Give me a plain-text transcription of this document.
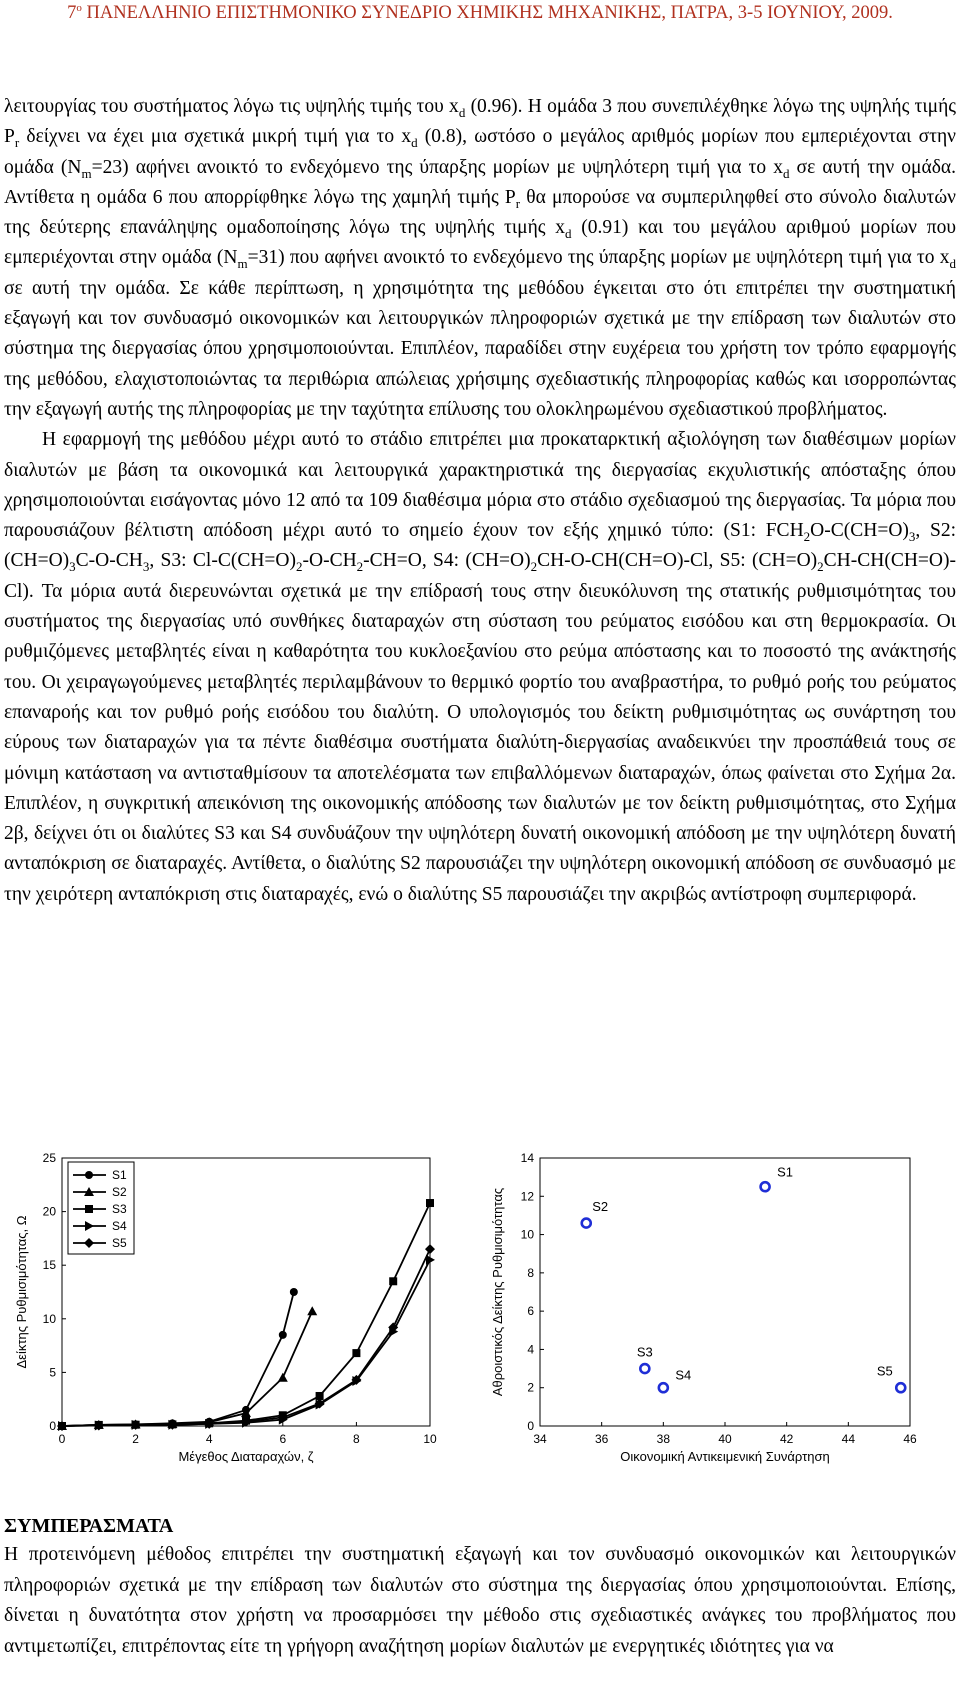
$7^o$ ΠΑΝΕΛΛΗΝΙΟ ΕΠΙΣΤΗΜΟΝΙΚΟ ΣΥΝΕΔΡΙΟ ΧΗΜΙΚΗΣ ΜΗΧΑΝΙΚΗΣ, ΠΑΤΡΑ, 3-5 ΙΟΥΝΙΟΥ, 2009.

λειτουργίας του συστήματος λόγω τις υψηλής τιμής του $x_d$ (0.96). Η ομάδα 3 που συνεπιλέχθηκε λόγω της υψηλής τιμής $P_r$ δείχνει να έχει μια σχετικά μικρή τιμή για το $x_d$ (0.8), ωστόσο ο μεγάλος αριθμός μορίων που εμπεριέχονται στην ομάδα $(N_m=23)$ αφήνει ανοικτό το ενδεχόμενο της ύπαρξης μορίων με υψηλότερη τιμή για το $x_d$ σε αυτή την ομάδα. Αντίθετα η ομάδα 6 που απορρίφθηκε λόγω της χαμηλή τιμής $P_r$ θα μπορούσε να συμπεριληφθεί στο σύνολο διαλυτών της δεύτερης επανάληψης ομαδοποίησης λόγω της υψηλής τιμής $x_d$ (0.91) και του μεγάλου αριθμού μορίων που εμπεριέχονται στην ομάδα $(N_m=31)$ που αφήνει ανοικτό το ενδεχόμενο της ύπαρξης μορίων με υψηλότερη τιμή για το $x_d$ σε αυτή την ομάδα. Σε κάθε περίπτωση, η χρησιμότητα της μεθόδου έγκειται στο ότι επιτρέπει την συστηματική εξαγωγή και τον συνδυασμό οικονομικών και λειτουργικών πληροφοριών σχετικά με την επίδραση των διαλυτών στο σύστημα της διεργασίας όπου χρησιμοποιούνται. Επιπλέον, παραδίδει στην ευχέρεια του χρήστη τον τρόπο εφαρμογής της μεθόδου, ελαχιστοποιώντας τα περιθώρια απώλειας χρήσιμης σχεδιαστικής πληροφορίας καθώς και ισορροπώντας την εξαγωγή αυτής της πληροφορίας με την ταχύτητα επίλυσης του ολοκληρωμένου σχεδιαστικού προβλήματος.

Η εφαρμογή της μεθόδου μέχρι αυτό το στάδιο επιτρέπει μια προκαταρκτική αξιολόγηση των διαθέσιμων μορίων διαλυτών με βάση τα οικονομικά και λειτουργικά χαρακτηριστικά της διεργασίας εκχυλιστικής απόσταξης όπου χρησιμοποιούνται εισάγοντας μόνο 12 από τα 109 διαθέσιμα μόρια στο στάδιο σχεδιασμού της διεργασίας. Τα μόρια που παρουσιάζουν βέλτιστη απόδοση μέχρι αυτό το σημείο έχουν τον εξής χημικό τύπο: (S1: $FCH_2O-C(CH=O)_3$, S2: $(CH=O)_3C-O-CH_3$, S3: $Cl-C(CH=O)_2-O-CH_2-CH=O$, S4: $(CH=O)_2CH-O-CH(CH=O)-Cl$, S5: $(CH=O)_2CH-CH(CH=O)-Cl$). Τα μόρια αυτά διερευνώνται σχετικά με την επίδρασή τους στην διευκόλυνση της στατικής ρυθμισιμότητας του συστήματος της διεργασίας υπό συνθήκες διαταραχών στη σύσταση του ρεύματος εισόδου και στη θερμοκρασία. Οι ρυθμιζόμενες μεταβλητές είναι η καθαρότητα του κυκλοεξανίου στο ρεύμα απόστασης και το ποσοστό της ανάκτησής του. Οι χειραγωγούμενες μεταβλητές περιλαμβάνουν το θερμικό φορτίο του αναβραστήρα, το ρυθμό ροής του ρεύματος επαναροής και τον ρυθμό ροής εισόδου του διαλύτη. Ο υπολογισμός του δείκτη ρυθμισιμότητας ως συνάρτηση του εύρους των διαταραχών για τα πέντε διαθέσιμα συστήματα διαλύτη-διεργασίας αναδεικνύει την προσπάθειά τους σε μόνιμη κατάσταση να αντισταθμίσουν τα αποτελέσματα των επιβαλλόμενων διαταραχών, όπως φαίνεται στο Σχήμα 2α. Επιπλέον, η συγκριτική απεικόνιση της οικονομικής απόδοσης των διαλυτών με τον δείκτη ρυθμισιμότητας, στο Σχήμα 2β, δείχνει ότι οι διαλύτες S3 και S4 συνδυάζουν την υψηλότερη δυνατή οικονομική απόδοση με την υψηλότερη δυνατή ανταπόκριση σε διαταραχές. Αντίθετα, ο διαλύτης S2 παρουσιάζει την υψηλότερη οικονομική απόδοση σε συνδυασμό με την χειρότερη ανταπόκριση στις διαταραχές, ενώ ο διαλύτης S5 παρουσιάζει την ακριβώς αντίστροφη συμπεριφορά.

0	2	4	6	8	10
0
5
10
15
20
25
Μέγεθος Διαταραχών, ζ
Δείκτης Ρυθμισιμότητας, Ω
S1
S2
S3
S4
S5
34	36	38	40	42	44	46
0
2
4
6
8
10
12
14
Οικονομική Αντικειμενική Συνάρτηση
Αθροιστικός Δείκτης Ρυθμισιμότητας
S1
S2
S3
S4	S5
ΣΥΜΠΕΡΑΣΜΑΤΑ

Η προτεινόμενη μέθοδος επιτρέπει την συστηματική εξαγωγή και τον συνδυασμό οικονομικών και λειτουργικών πληροφοριών σχετικά με την επίδραση των διαλυτών στο σύστημα της διεργασίας όπου χρησιμοποιούνται. Επίσης, δίνεται η δυνατότητα στον χρήστη να προσαρμόσει την μέθοδο στις σχεδιαστικές ανάγκες του προβλήματος που αντιμετωπίζει, επιτρέποντας είτε τη γρήγορη αναζήτηση μορίων διαλυτών με ενεργητικές ιδιότητες για να
